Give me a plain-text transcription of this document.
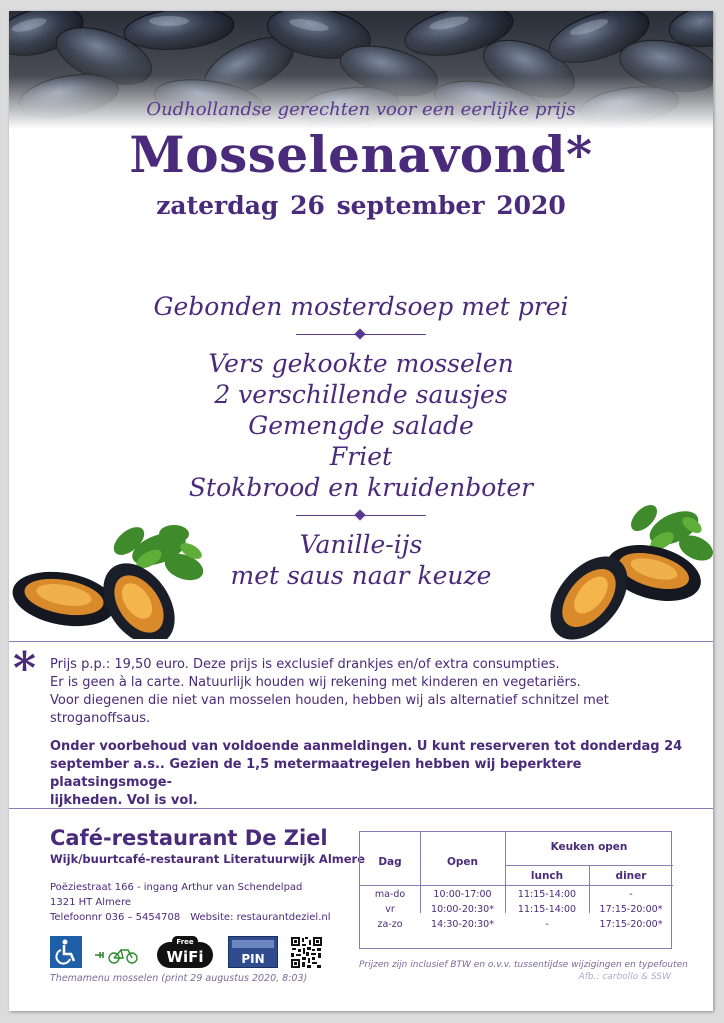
Oudhollandse gerechten voor een eerlijke prijs
Mosselenavond*
zaterdag 26 september 2020
Gebonden mosterdsoep met prei
Vers gekookte mosselen
2 verschillende sausjes
Gemengde salade
Friet
Stokbrood en kruidenboter
Vanille-ijs
met saus naar keuze
* Prijs p.p.: 19,50 euro. Deze prijs is exclusief drankjes en/of extra consumpties.

Er is geen à la carte. Natuurlijk houden wij rekening met kinderen en vegetariërs.

Voor diegenen die niet van mosselen houden, hebben wij als alternatief schnitzel met

stroganoffsaus.

Onder voorbehoud van voldoende aanmeldingen. U kunt reserveren tot donderdag 24
september a.s.. Gezien de 1,5 metermaatregelen hebben wij beperktere plaatsingsmoge-
lijkheden. Vol is vol.

Café-restaurant De Ziel
Wijk/buurtcafé-restaurant Literatuurwijk Almere
Poëziestraat 166 - ingang Arthur van Schendelpad
1321 HT Almere
Telefoonnr 036 – 5454708 Website: restaurantdeziel.nl
Free
WiFi	PIN
Themamenu mosselen (print 29 augustus 2020, 8:03)
Dag	Open
Keuken open
lunch	diner
ma-do	10:00-17:00	11:15-14:00	-
vr	10:00-20:30*	11:15-14:00	17:15-20:00*
za-zo	14:30-20:30*	-	17:15-20:00*
Prijzen zijn inclusief BTW en o.v.v. tussentijdse wijzigingen en typefouten
Afb.: carbollo & SSW
